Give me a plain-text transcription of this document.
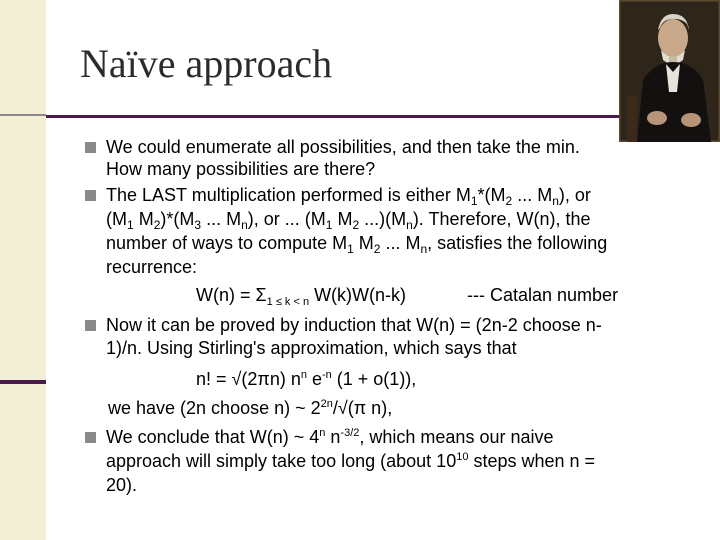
Naïve approach
We could enumerate all possibilities, and then take the min.
How many possibilities are there?
The LAST multiplication performed is either $M_1*(M_2$ ... $M_n$), or
($M_1$ $M_2)*(M_3$ ... $M_n$), or ... ($M_1$ $M_2$ $...)(M_n)$. Therefore, W(n), the
number of ways to compute $M_1$ $M_2$ ... $M_n$, satisfies the following
recurrence:
$W(n) = \Sigma_{1 \le k < n}$ W(k)W(n-k)	--- Catalan number
Now it can be proved by induction that W(n) = (2n-2 choose n-
1)/n. Using Stirling's approximation, which says that
n! = √(2πn) $n^n$ $e^{-n}$ (1 + o(1)),
we have (2n choose n) ~ $2^{2n}/√(\pi$ n),
We conclude that W(n) ~ 4$^n$ $n^{-3/2}$, which means our naive
approach will simply take too long (about $10^{10}$ steps when n =
20).
